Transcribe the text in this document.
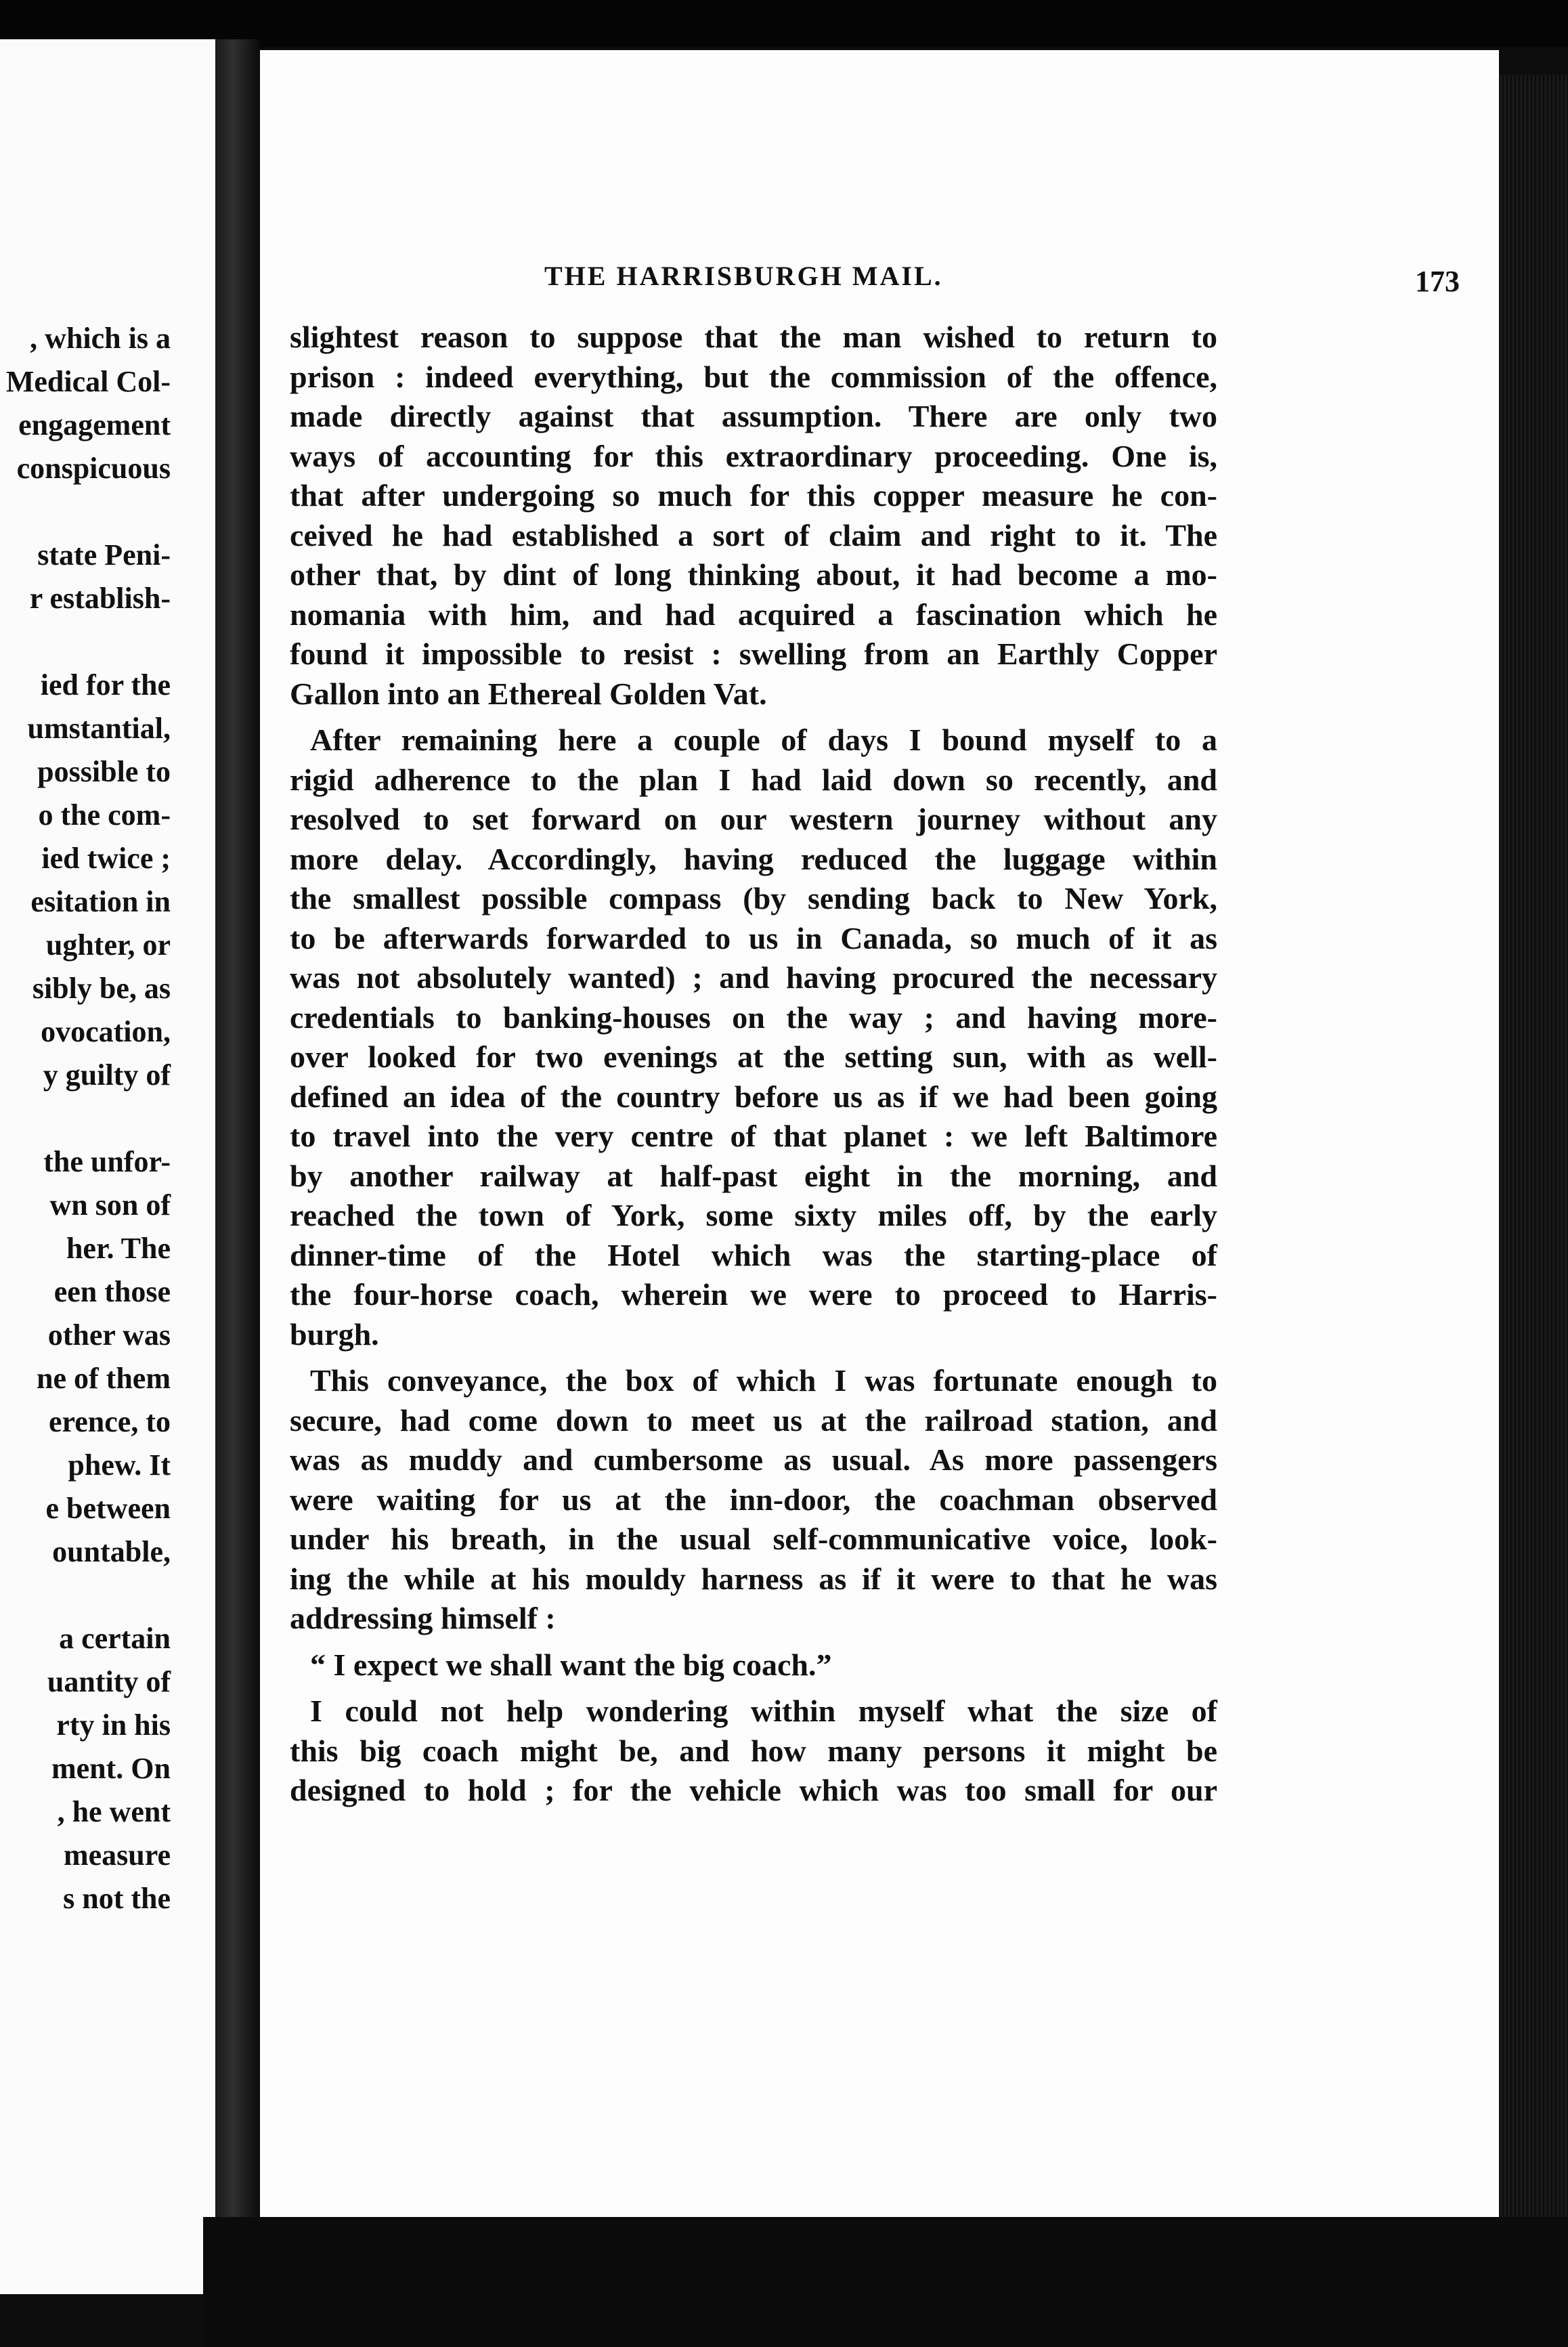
, which is a
Medical Col-
engagement
conspicuous
state Peni-
r establish-
ied for the
umstantial,
possible to
o the com-
ied twice ;
esitation in
ughter, or
sibly be, as
ovocation,
y guilty of
the unfor-
wn son of
her. The
een those
other was
ne of them
erence, to
phew. It
e between
ountable,
a certain
uantity of
rty in his
ment. On
, he went
measure
s not the
THE HARRISBURGH MAIL.	173
slightest reason to suppose that the man wished to return to
prison : indeed everything, but the commission of the offence,
made directly against that assumption. There are only two
ways of accounting for this extraordinary proceeding. One is,
that after undergoing so much for this copper measure he con-
ceived he had established a sort of claim and right to it. The
other that, by dint of long thinking about, it had become a mo-
nomania with him, and had acquired a fascination which he
found it impossible to resist : swelling from an Earthly Copper
Gallon into an Ethereal Golden Vat.
After remaining here a couple of days I bound myself to a
rigid adherence to the plan I had laid down so recently, and
resolved to set forward on our western journey without any
more delay. Accordingly, having reduced the luggage within
the smallest possible compass (by sending back to New York,
to be afterwards forwarded to us in Canada, so much of it as
was not absolutely wanted) ; and having procured the necessary
credentials to banking-houses on the way ; and having more-
over looked for two evenings at the setting sun, with as well-
defined an idea of the country before us as if we had been going
to travel into the very centre of that planet : we left Baltimore
by another railway at half-past eight in the morning, and
reached the town of York, some sixty miles off, by the early
dinner-time of the Hotel which was the starting-place of
the four-horse coach, wherein we were to proceed to Harris-
burgh.
This conveyance, the box of which I was fortunate enough to
secure, had come down to meet us at the railroad station, and
was as muddy and cumbersome as usual. As more passengers
were waiting for us at the inn-door, the coachman observed
under his breath, in the usual self-communicative voice, look-
ing the while at his mouldy harness as if it were to that he was
addressing himself :
“ I expect we shall want the big coach.”
I could not help wondering within myself what the size of
this big coach might be, and how many persons it might be
designed to hold ; for the vehicle which was too small for our
